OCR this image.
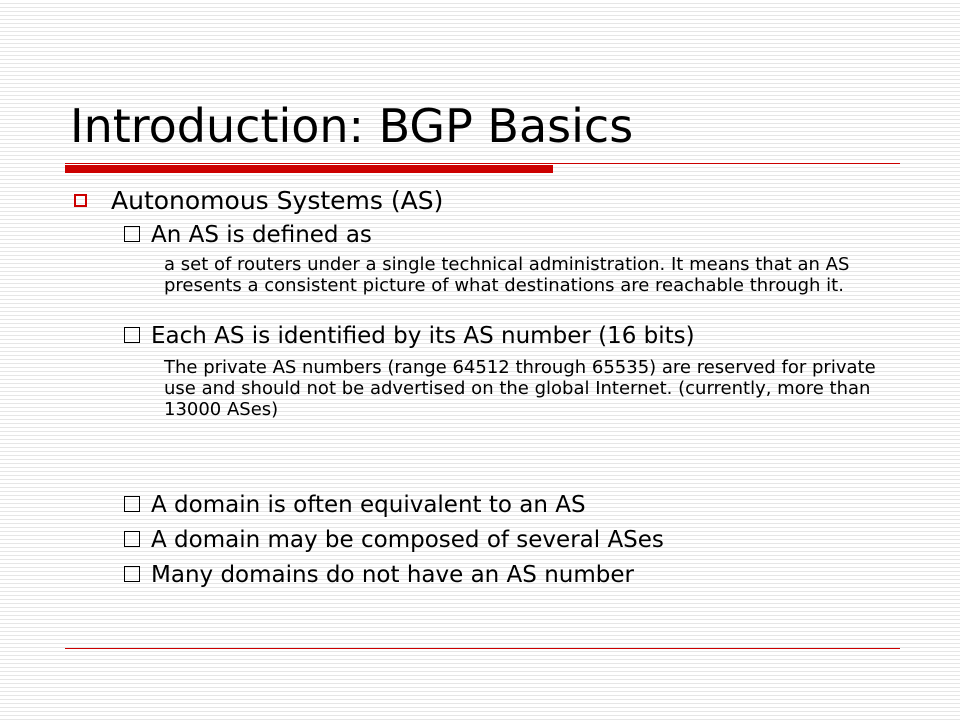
Introduction: BGP Basics
Autonomous Systems (AS)
An AS is defined as
a set of routers under a single technical administration. It means that an AS presents a consistent picture of what destinations are reachable through it.
Each AS is identified by its AS number (16 bits)
The private AS numbers (range 64512 through 65535) are reserved for private use and should not be advertised on the global Internet. (currently, more than 13000 ASes)
A domain is often equivalent to an AS
A domain may be composed of several ASes
Many domains do not have an AS number
